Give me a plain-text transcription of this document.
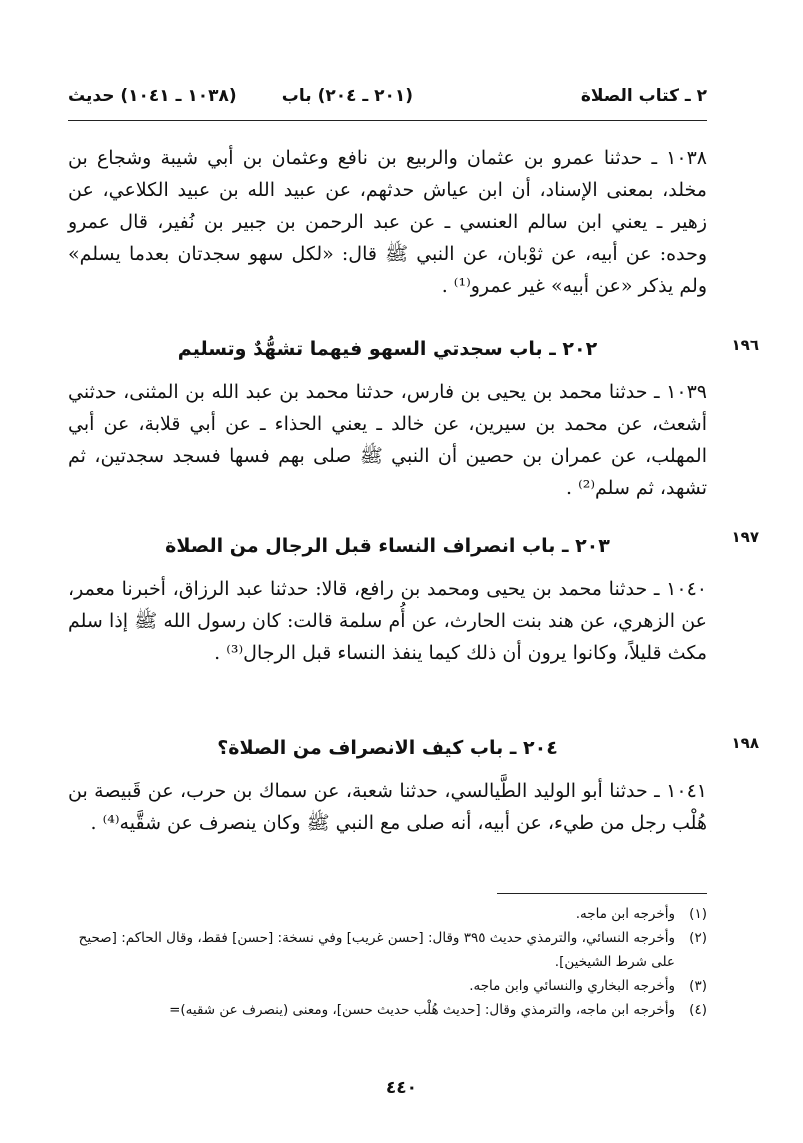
٢ ـ كتاب الصلاة
(٢٠١ ـ ٢٠٤) باب
(١٠٣٨ ـ ١٠٤١) حديث
١٠٣٨ ـ حدثنا عمرو بن عثمان والربيع بن نافع وعثمان بن أبي شيبة وشجاع بن مخلد، بمعنى الإسناد، أن ابن عياش حدثهم، عن عبيد الله بن عبيد الكلاعي، عن زهير ـ يعني ابن سالم العنسي ـ عن عبد الرحمن بن جبير بن نُفير، قال عمرو وحده: عن أبيه، عن ثوْبان، عن النبي ﷺ قال: «لكل سهو سجدتان بعدما يسلم» ولم يذكر «عن أبيه» غير عمرو⁽¹⁾ .
١٩٦
٢٠٢ ـ باب سجدتي السهو فيهما تشهُّدٌ وتسليم
١٠٣٩ ـ حدثنا محمد بن يحيى بن فارس، حدثنا محمد بن عبد الله بن المثنى، حدثني أشعث، عن محمد بن سيرين، عن خالد ـ يعني الحذاء ـ عن أبي قلابة، عن أبي المهلب، عن عمران بن حصين أن النبي ﷺ صلى بهم فسها فسجد سجدتين، ثم تشهد، ثم سلم⁽²⁾ .
١٩٧
٢٠٣ ـ باب انصراف النساء قبل الرجال من الصلاة
١٠٤٠ ـ حدثنا محمد بن يحيى ومحمد بن رافع، قالا: حدثنا عبد الرزاق، أخبرنا معمر، عن الزهري، عن هند بنت الحارث، عن أُم سلمة قالت: كان رسول الله ﷺ إذا سلم مكث قليلاً، وكانوا يرون أن ذلك كيما ينفذ النساء قبل الرجال⁽³⁾ .
١٩٨
٢٠٤ ـ باب كيف الانصراف من الصلاة؟
١٠٤١ ـ حدثنا أبو الوليد الطَّيالسي، حدثنا شعبة، عن سماك بن حرب، عن قَبيصة بن هُلْب رجل من طيء، عن أبيه، أنه صلى مع النبي ﷺ وكان ينصرف عن شقَّيه⁽⁴⁾ .
(١)
وأخرجه ابن ماجه.
(٢)
وأخرجه النسائي، والترمذي حديث ٣٩٥ وقال: [حسن غريب] وفي نسخة: [حسن] فقط، وقال الحاكم: [صحيح على شرط الشيخين].
(٣)
وأخرجه البخاري والنسائي وابن ماجه.
(٤)
وأخرجه ابن ماجه، والترمذي وقال: [حديث هُلْب حديث حسن]، ومعنى (ينصرف عن شقيه)=
٤٤٠
